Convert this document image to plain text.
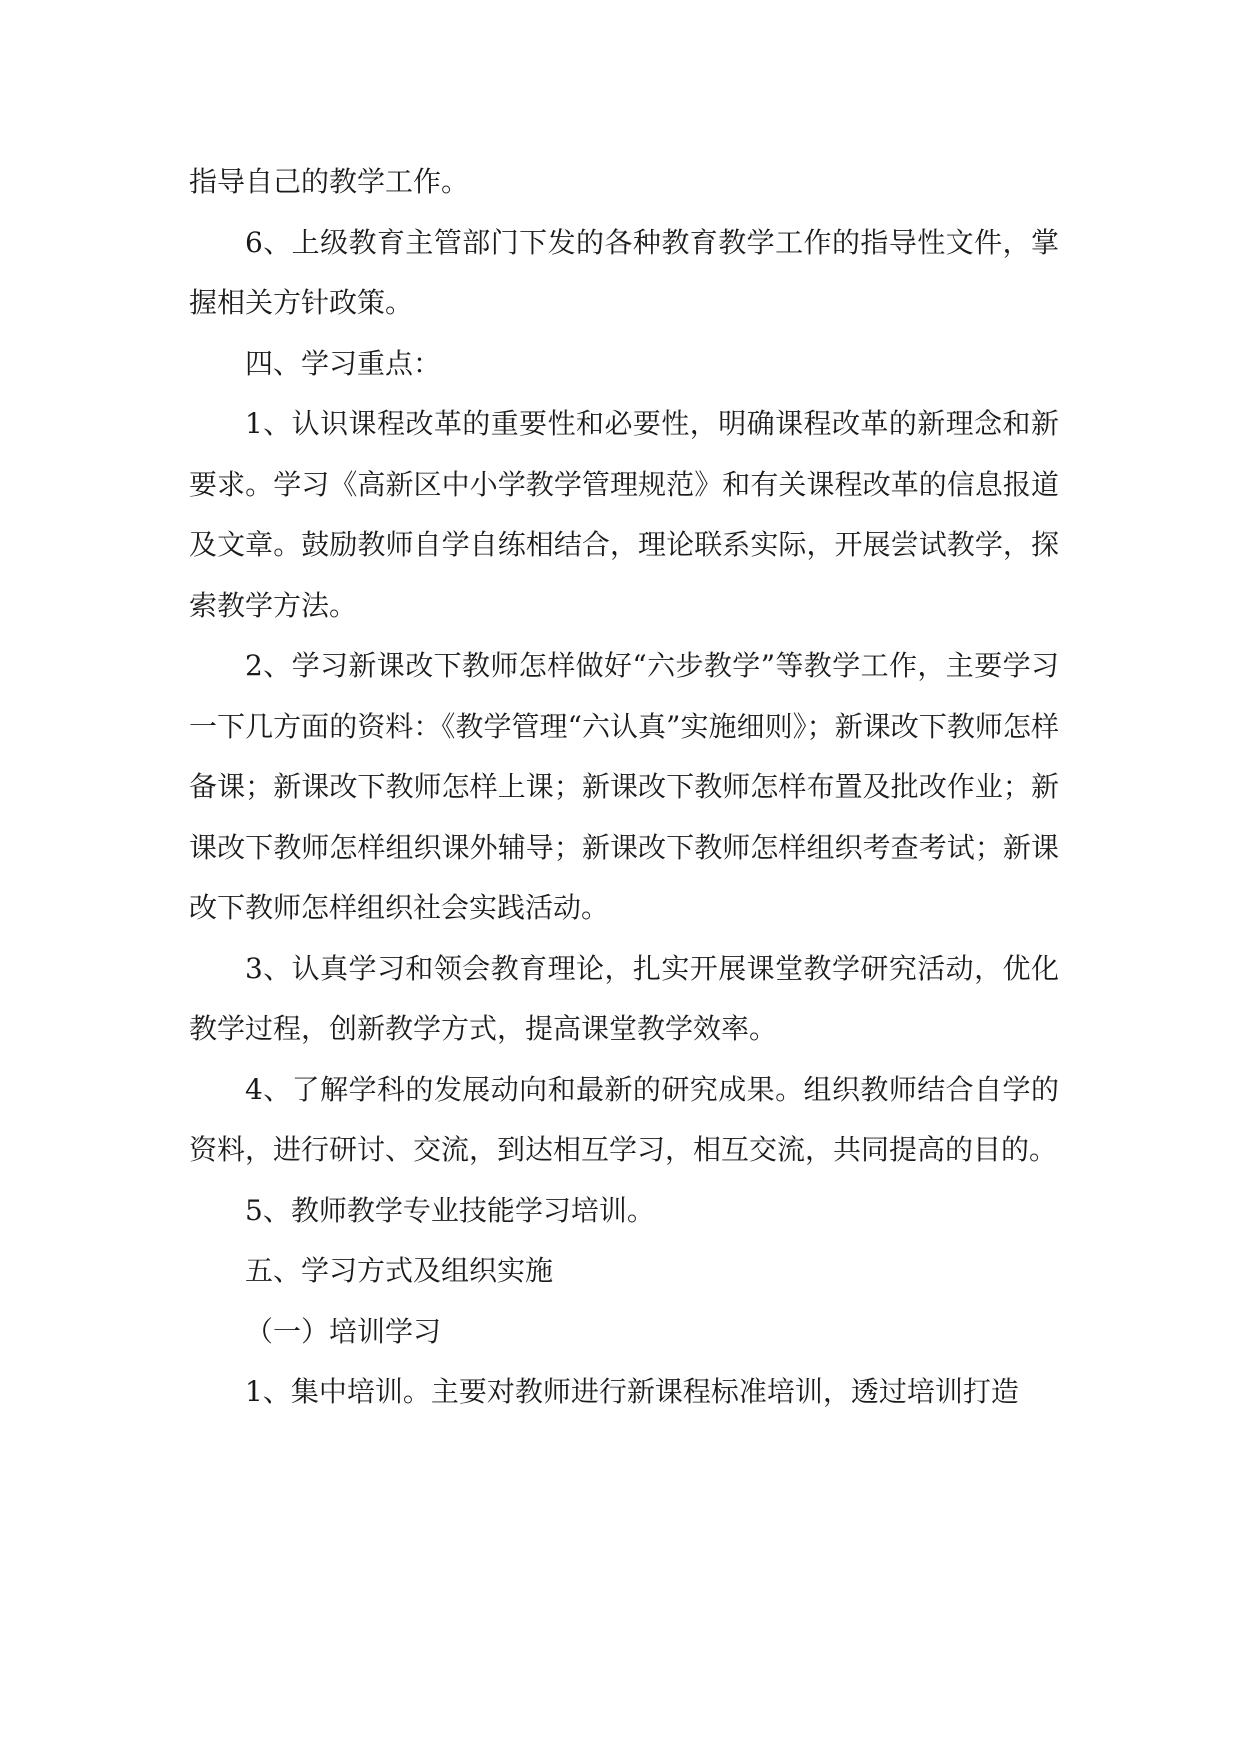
指导自己的教学工作。

6、上级教育主管部门下发的各种教育教学工作的指导性文件，掌握相关方针政策。

四、学习重点：

1、认识课程改革的重要性和必要性，明确课程改革的新理念和新要求。学习《高新区中小学教学管理规范》和有关课程改革的信息报道及文章。鼓励教师自学自练相结合，理论联系实际，开展尝试教学，探索教学方法。

2、学习新课改下教师怎样做好“六步教学”等教学工作，主要学习一下几方面的资料：《教学管理“六认真”实施细则》；新课改下教师怎样备课；新课改下教师怎样上课；新课改下教师怎样布置及批改作业；新课改下教师怎样组织课外辅导；新课改下教师怎样组织考查考试；新课改下教师怎样组织社会实践活动。

3、认真学习和领会教育理论，扎实开展课堂教学研究活动，优化教学过程，创新教学方式，提高课堂教学效率。

4、了解学科的发展动向和最新的研究成果。组织教师结合自学的资料，进行研讨、交流，到达相互学习，相互交流，共同提高的目的。

5、教师教学专业技能学习培训。

五、学习方式及组织实施

（一）培训学习

1、集中培训。主要对教师进行新课程标准培训，透过培训打造
